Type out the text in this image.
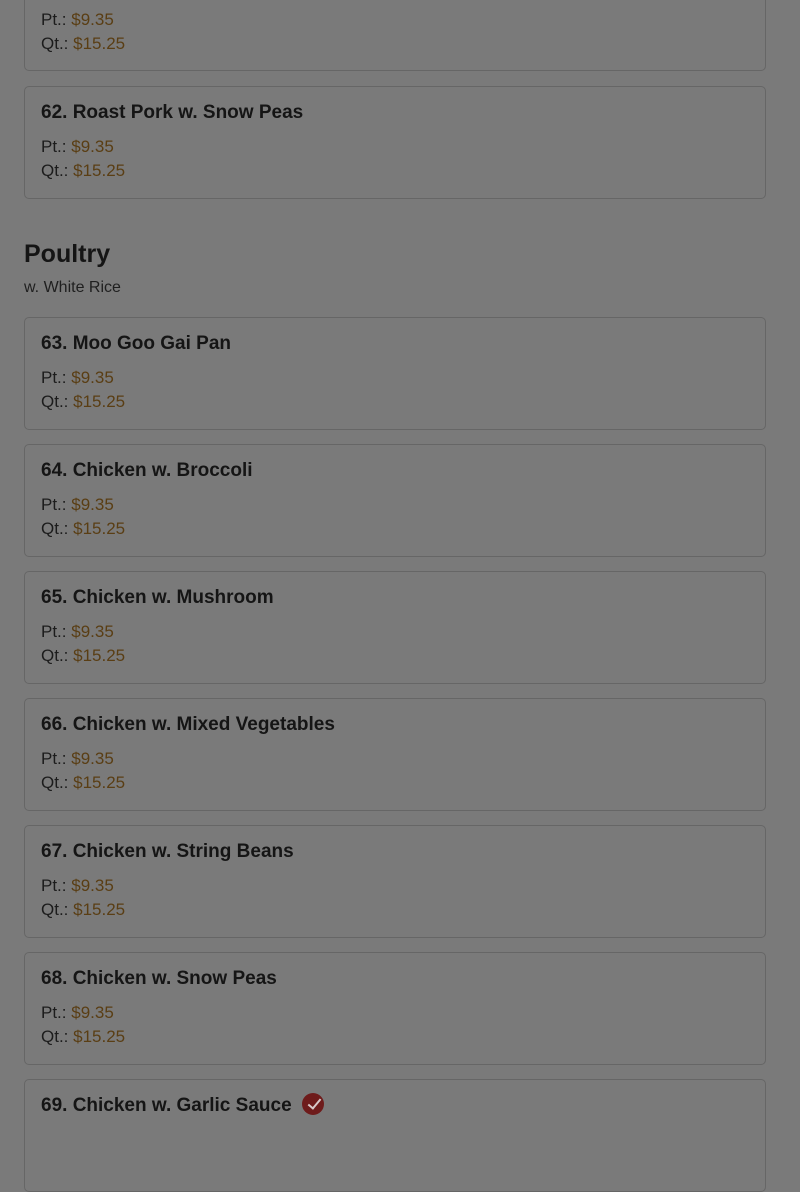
Pt.: $9.35
Qt.: $15.25
62. Roast Pork w. Snow Peas
Pt.: $9.35
Qt.: $15.25
Poultry
w. White Rice
63. Moo Goo Gai Pan
Pt.: $9.35
Qt.: $15.25
64. Chicken w. Broccoli
Pt.: $9.35
Qt.: $15.25
65. Chicken w. Mushroom
Pt.: $9.35
Qt.: $15.25
66. Chicken w. Mixed Vegetables
Pt.: $9.35
Qt.: $15.25
67. Chicken w. String Beans
Pt.: $9.35
Qt.: $15.25
68. Chicken w. Snow Peas
Pt.: $9.35
Qt.: $15.25
69. Chicken w. Garlic Sauce
